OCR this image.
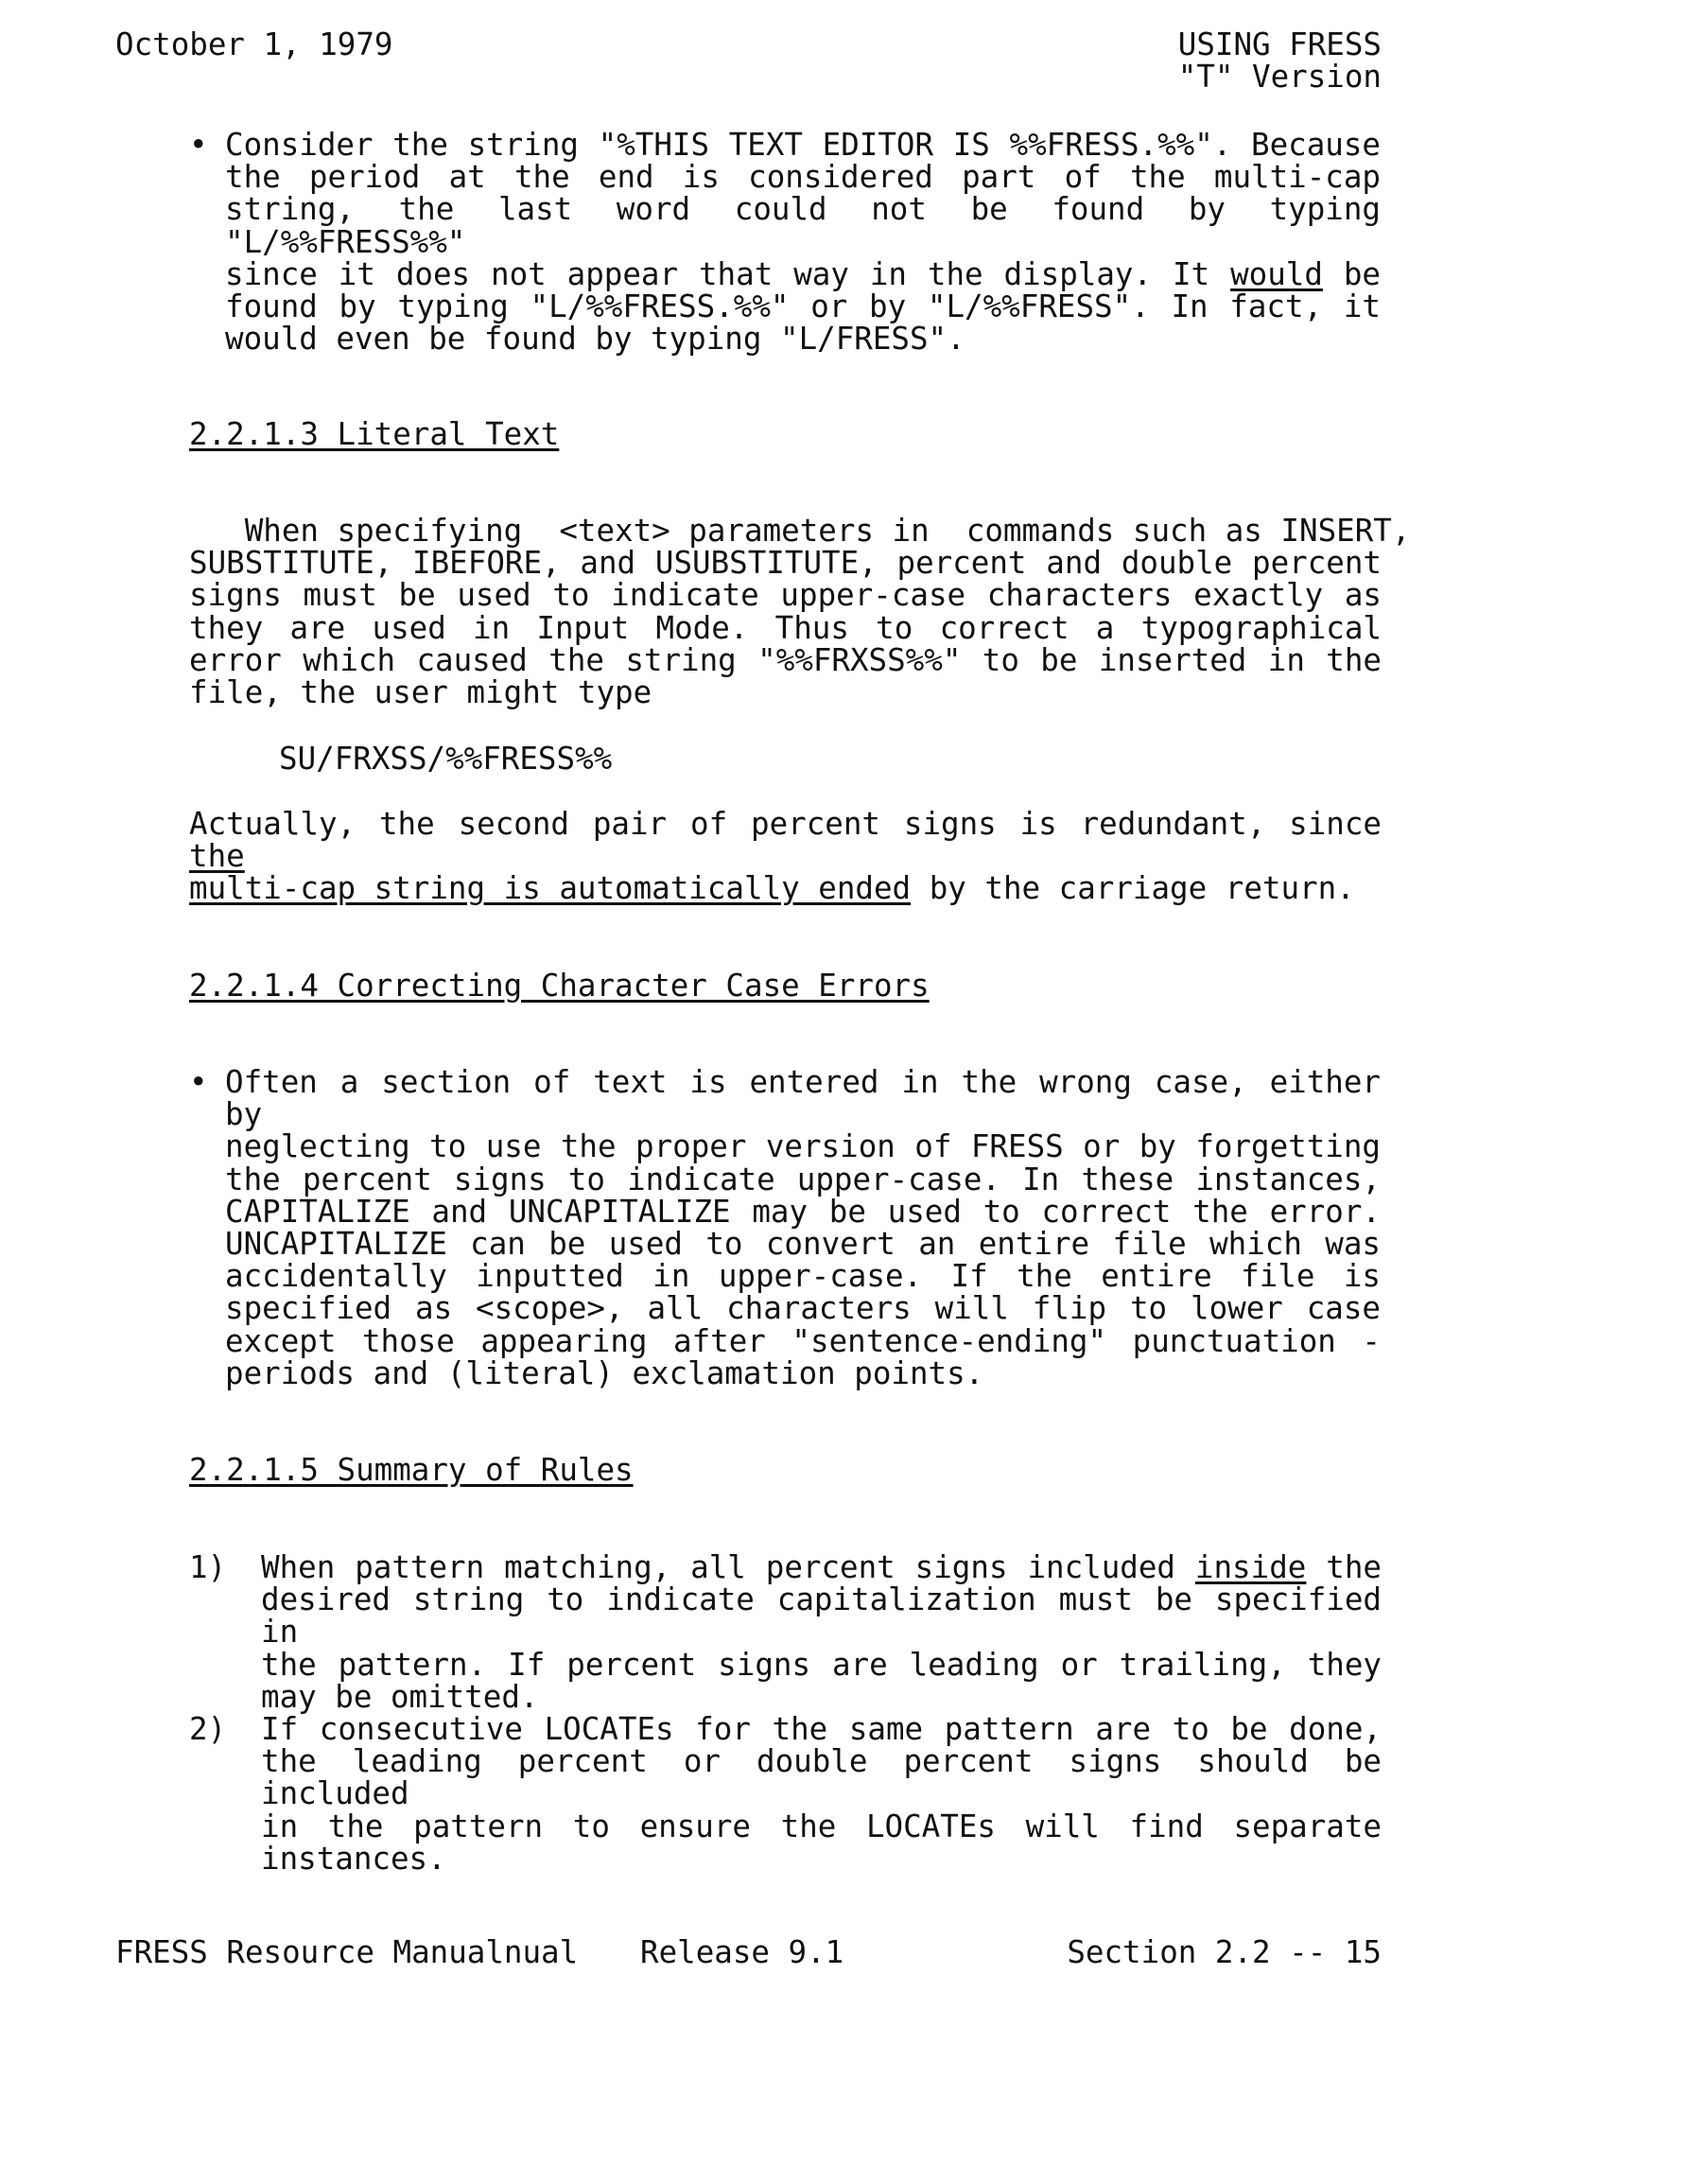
October 1, 1979	USING FRESS
"T" Version
• Consider the string "%THIS TEXT EDITOR IS %%FRESS.%%". Because
the period at the end is considered part of the multi-cap
string, the last word could not be found by typing "L/%%FRESS%%"
since it does not appear that way in the display. It would be
found by typing "L/%%FRESS.%%" or by "L/%%FRESS". In fact, it
would even be found by typing "L/FRESS".
2.2.1.3 Literal Text
When specifying  <text> parameters in  commands such as INSERT,
SUBSTITUTE, IBEFORE, and USUBSTITUTE, percent and double percent
signs must be used to indicate upper-case characters exactly as
they are used in Input Mode. Thus to correct a typographical
error which caused the string "%%FRXSS%%" to be inserted in the
file, the user might type
SU/FRXSS/%%FRESS%%
Actually, the second pair of percent signs is redundant, since the
multi-cap string is automatically ended by the carriage return.
2.2.1.4 Correcting Character Case Errors
• Often a section of text is entered in the wrong case, either by
neglecting to use the proper version of FRESS or by forgetting
the percent signs to indicate upper-case. In these instances,
CAPITALIZE and UNCAPITALIZE may be used to correct the error.
UNCAPITALIZE can be used to convert an entire file which was
accidentally inputted in upper-case. If the entire file is
specified as <scope>, all characters will flip to lower case
except those appearing after "sentence-ending" punctuation -
periods and (literal) exclamation points.
2.2.1.5 Summary of Rules
1) When pattern matching, all percent signs included inside the
desired string to indicate capitalization must be specified in
the pattern. If percent signs are leading or trailing, they
may be omitted.
2) If consecutive LOCATEs for the same pattern are to be done,
the leading percent or double percent signs should be included
in the pattern to ensure the LOCATEs will find separate
instances.
FRESS Resource Manualnual Release 9.1	Section 2.2 -- 15
